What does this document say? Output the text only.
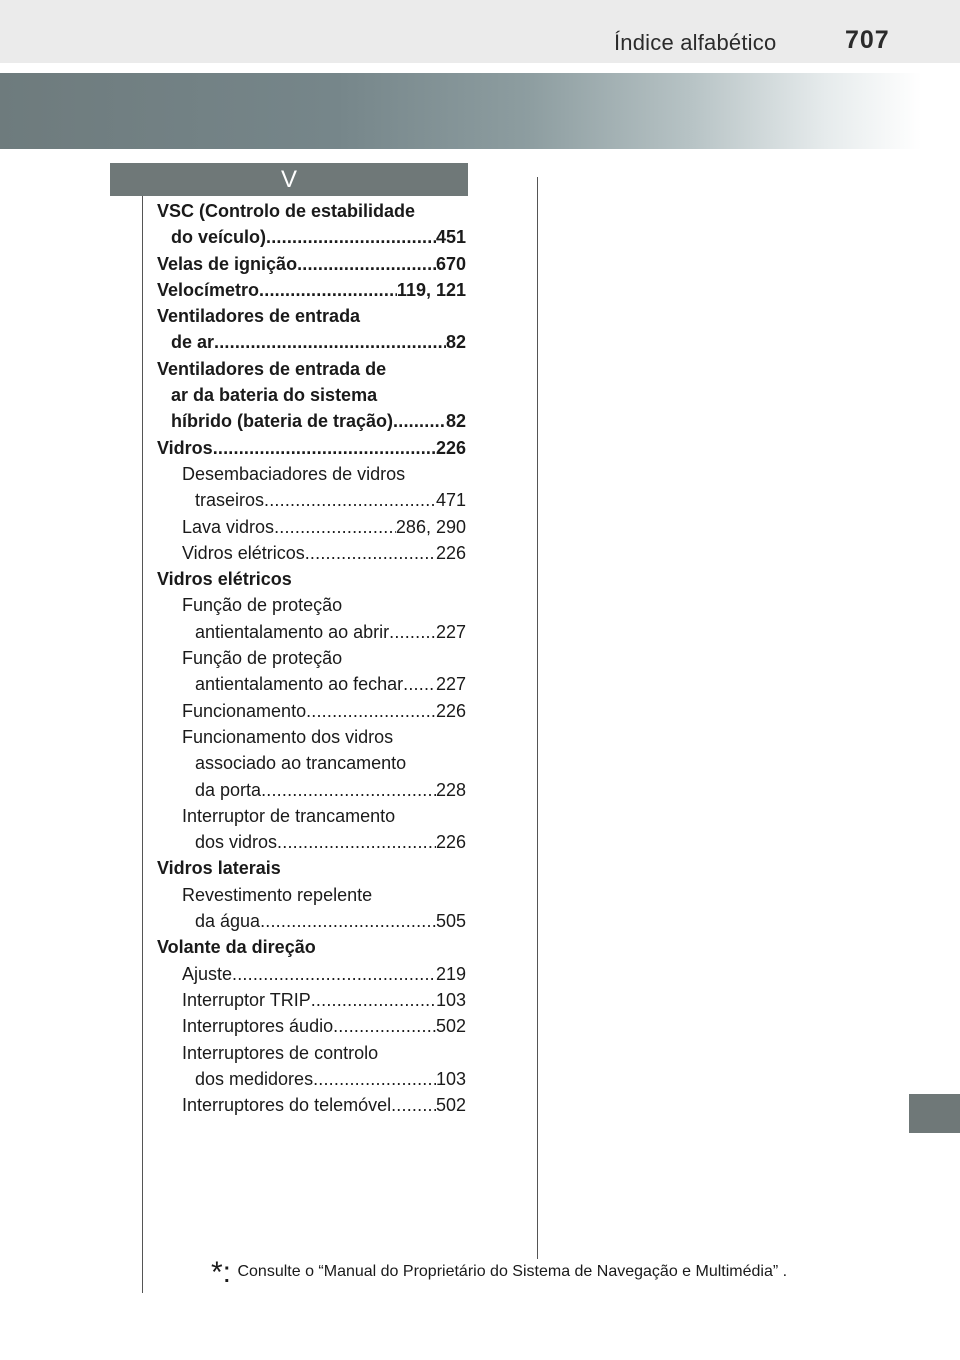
Índice alfabético	707
V
VSC (Controlo de estabilidade
do veículo) .....	451
Velas de ignição .....	670
Velocímetro .....	119, 121
Ventiladores de entrada
de ar .....	82
Ventiladores de entrada de
ar da bateria do sistema
híbrido (bateria de tração) .....	82
Vidros .....	226
Desembaciadores de vidros
traseiros .....	471
Lava vidros .....	286, 290
Vidros elétricos .....	226
Vidros elétricos
Função de proteção
antientalamento ao abrir .....	227
Função de proteção
antientalamento ao fechar ..... 227
Funcionamento .....	226
Funcionamento dos vidros
associado ao trancamento
da porta .....	228
Interruptor de trancamento
dos vidros .....	226
Vidros laterais
Revestimento repelente
da água .....	505
Volante da direção
Ajuste .....	219
Interruptor TRIP .....	103
Interruptores áudio .....	502
Interruptores de controlo
dos medidores .....	103
Interruptores do telemóvel ..... 502
*: Consulte o “Manual do Proprietário do Sistema de Navegação e Multimédia” .
